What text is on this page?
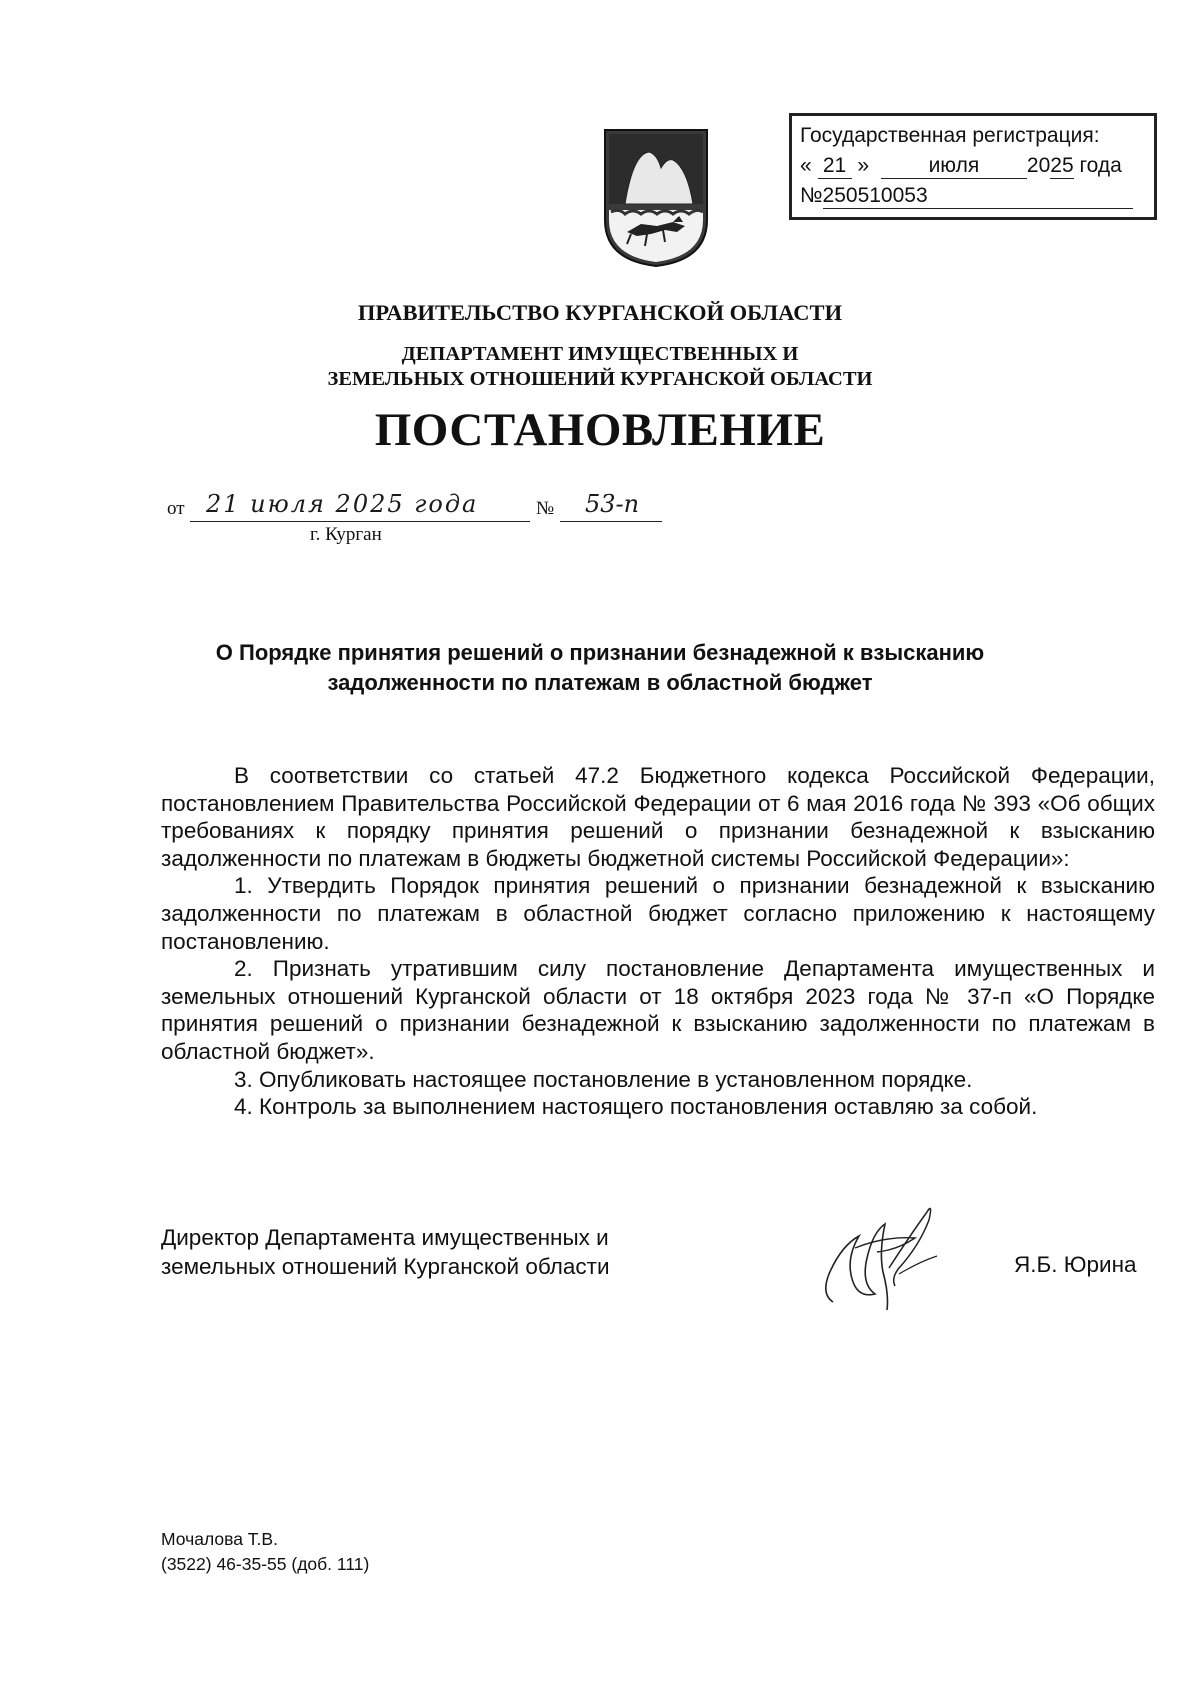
Государственная регистрация:
« 21 »	июля 2025 года
№250510053
ПРАВИТЕЛЬСТВО КУРГАНСКОЙ ОБЛАСТИ
ДЕПАРТАМЕНТ ИМУЩЕСТВЕННЫХ И
ЗЕМЕЛЬНЫХ ОТНОШЕНИЙ КУРГАНСКОЙ ОБЛАСТИ
ПОСТАНОВЛЕНИЕ
от 21 июля 2025 года	№ 53-п
г. Курган
О Порядке принятия решений о признании безнадежной к взысканию
задолженности по платежам в областной бюджет

В соответствии со статьей 47.2 Бюджетного кодекса Российской Федерации, постановлением Правительства Российской Федерации от 6 мая 2016 года № 393 «Об общих требованиях к порядку принятия решений о признании безнадежной к взысканию задолженности по платежам в бюджеты бюджетной системы Российской Федерации»:

1. Утвердить Порядок принятия решений о признании безнадежной к взысканию задолженности по платежам в областной бюджет согласно приложению к настоящему постановлению.

2. Признать утратившим силу постановление Департамента имущественных и земельных отношений Курганской области от 18 октября 2023 года № 37-п «О Порядке принятия решений о признании безнадежной к взысканию задолженности по платежам в областной бюджет».

3. Опубликовать настоящее постановление в установленном порядке.

4. Контроль за выполнением настоящего постановления оставляю за собой.

Директор Департамента имущественных и
земельных отношений Курганской области	Я.Б. Юрина
Мочалова Т.В.
(3522) 46-35-55 (доб. 111)
